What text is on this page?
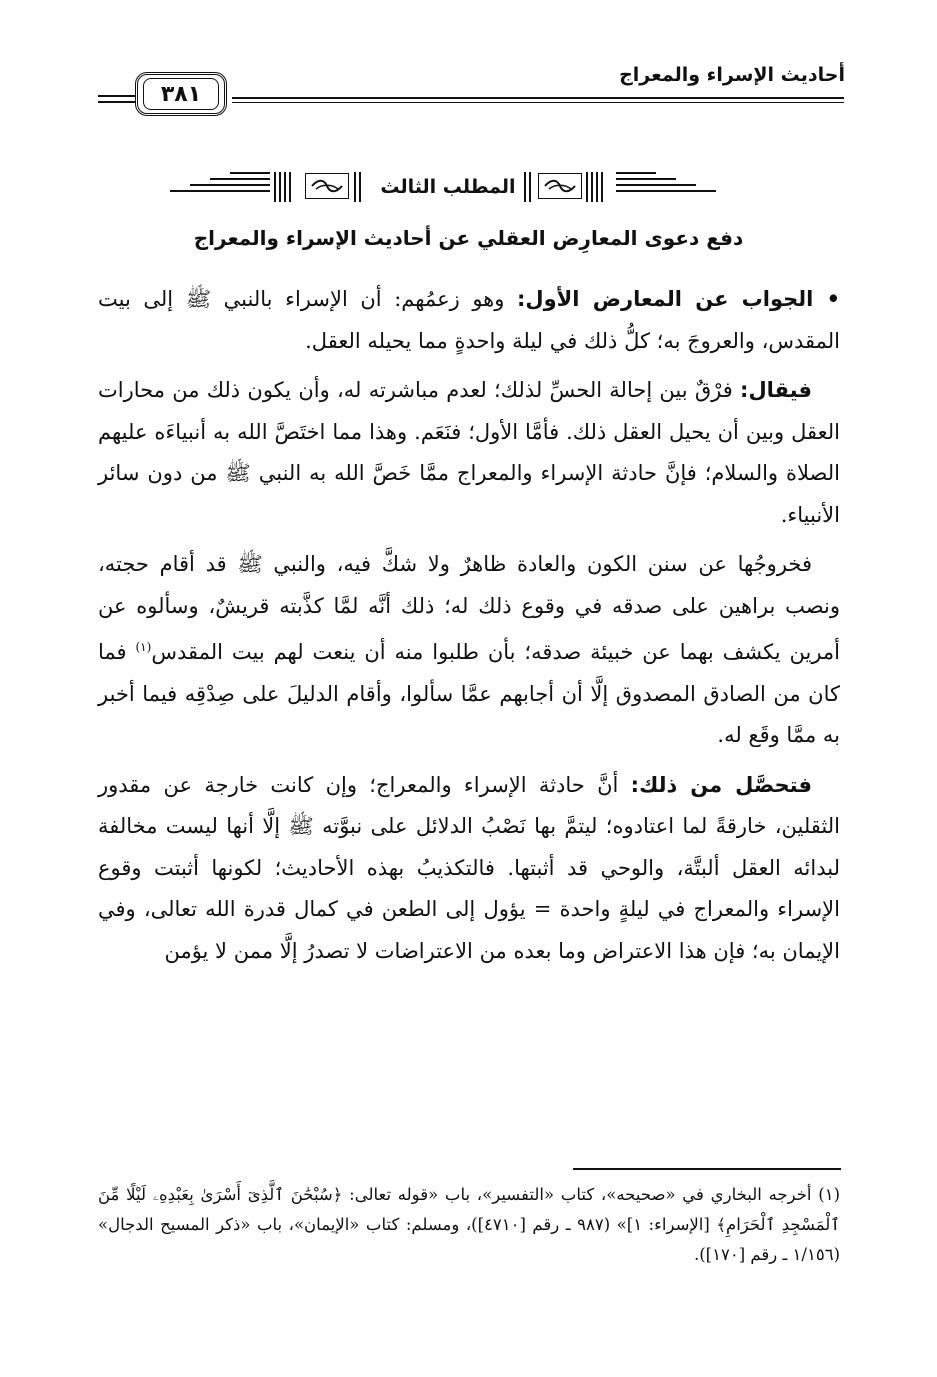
أحاديث الإسراء والمعراج
٣٨١
المطلب الثالث
دفع دعوى المعارِض العقلي عن أحاديث الإسراء والمعراج

• الجواب عن المعارض الأول: وهو زعمُهم: أن الإسراء بالنبي ﷺ إلى بيت المقدس، والعروجَ به؛ كلُّ ذلك في ليلة واحدةٍ مما يحيله العقل.

فيقال: فرْقٌ بين إحالة الحسِّ لذلك؛ لعدم مباشرته له، وأن يكون ذلك من محارات العقل وبين أن يحيل العقل ذلك. فأمَّا الأول؛ فنَعَم. وهذا مما اختَصَّ الله به أنبياءَه عليهم الصلاة والسلام؛ فإنَّ حادثة الإسراء والمعراج ممَّا خَصَّ الله به النبي ﷺ من دون سائر الأنبياء.

فخروجُها عن سنن الكون والعادة ظاهرٌ ولا شكَّ فيه، والنبي ﷺ قد أقام حجته، ونصب براهين على صدقه في وقوع ذلك له؛ ذلك أنَّه لمَّا كذَّبته قريشٌ، وسألوه عن أمرين يكشف بهما عن خبيئة صدقه؛ بأن طلبوا منه أن ينعت لهم بيت المقدس$^{(١)}$ فما كان من الصادق المصدوق إلَّا أن أجابهم عمَّا سألوا، وأقام الدليلَ على صِدْقِه فيما أخبر به ممَّا وقَع له.

فتحصَّل من ذلك: أنَّ حادثة الإسراء والمعراج؛ وإن كانت خارجة عن مقدور الثقلين، خارقةً لما اعتادوه؛ ليتمَّ بها نَصْبُ الدلائل على نبوَّته ﷺ إلَّا أنها ليست مخالفة لبدائه العقل ألبتَّة، والوحي قد أثبتها. فالتكذيبُ بهذه الأحاديث؛ لكونها أثبتت وقوع الإسراء والمعراج في ليلةٍ واحدة = يؤول إلى الطعن في كمال قدرة الله تعالى، وفي الإيمان به؛ فإن هذا الاعتراض وما بعده من الاعتراضات لا تصدرُ إلَّا ممن لا يؤمن

(١) أخرجه البخاري في «صحيحه»، كتاب «التفسير»، باب «قوله تعالى: ﴿سُبْحَٰنَ ٱلَّذِىٓ أَسْرَىٰ بِعَبْدِهِۦ لَيْلًا مِّنَ ٱلْمَسْجِدِ ٱلْحَرَامِ﴾ [الإسراء: ١]» (٩٨٧ ـ رقم [٤٧١٠])، ومسلم: كتاب «الإيمان»، باب «ذكر المسيح الدجال» (١/١٥٦ ـ رقم [١٧٠]).
